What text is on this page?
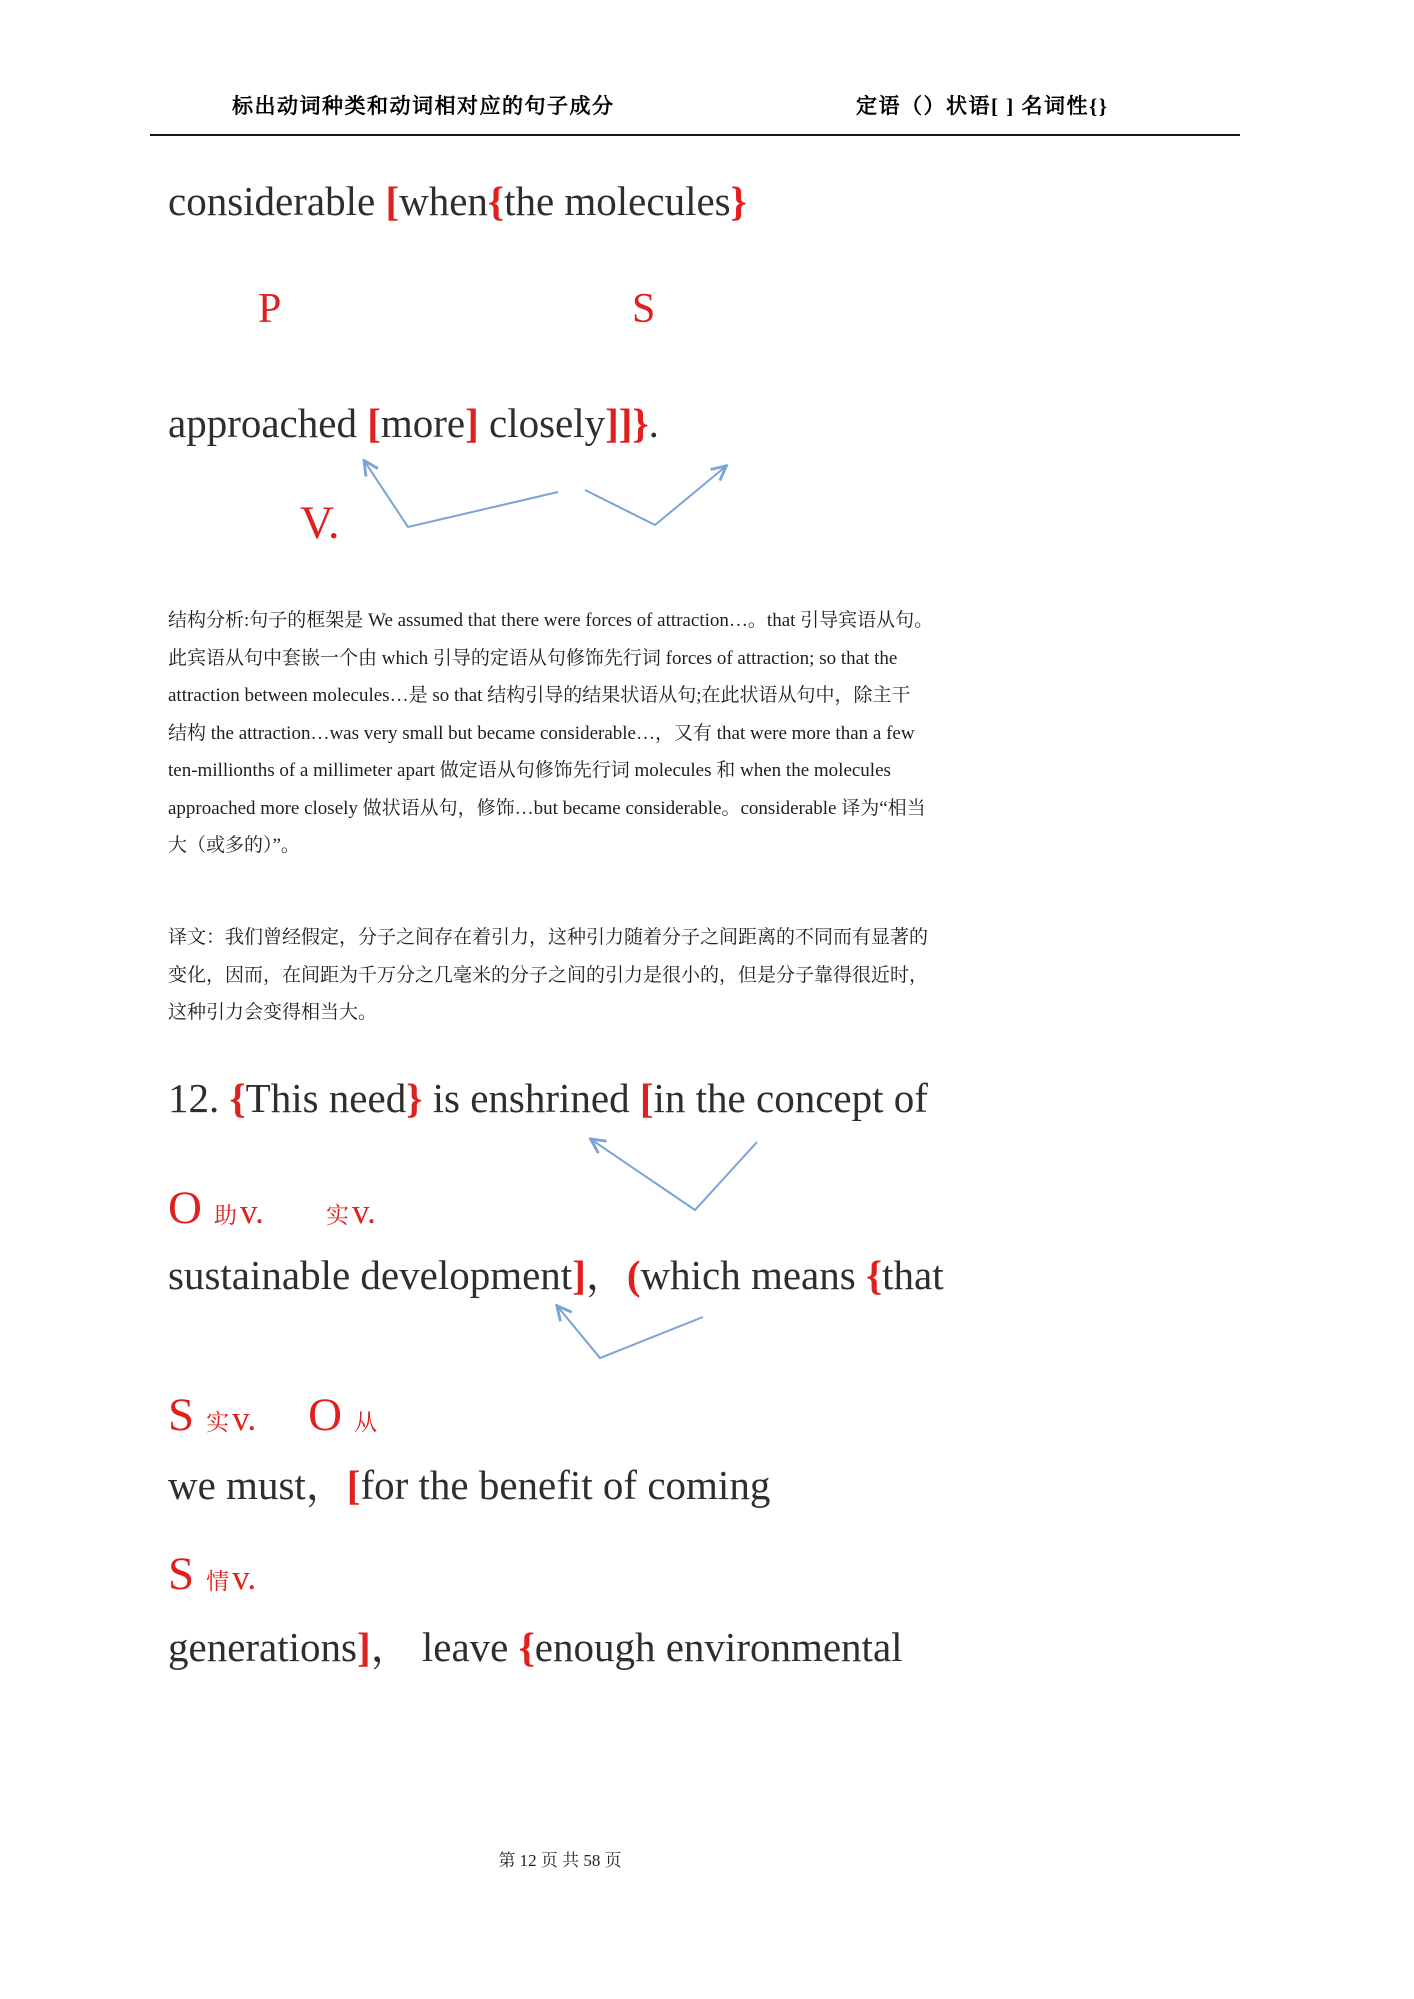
标出动词种类和动词相对应的句子成分	定语（）状语[ ] 名词性{}
considerable [when{the molecules}
P	S
approached [more] closely]]}.
V.
结构分析:句子的框架是 We assumed that there were forces of attraction…。that 引导宾语从句。
此宾语从句中套嵌一个由 which 引导的定语从句修饰先行词 forces of attraction; so that the
attraction between molecules…是 so that 结构引导的结果状语从句;在此状语从句中，除主干
结构 the attraction…was very small but became considerable…，又有 that were more than a few
ten-millionths of a millimeter apart 做定语从句修饰先行词 molecules 和 when the molecules
approached more closely 做状语从句，修饰…but became considerable。considerable 译为“相当
大（或多的）”。
译文：我们曾经假定，分子之间存在着引力，这种引力随着分子之间距离的不同而有显著的
变化，因而，在间距为千万分之几毫米的分子之间的引力是很小的，但是分子靠得很近时，
这种引力会变得相当大。
12. {This need} is enshrined [in the concept of
O 助 v.	实 v.
sustainable development]，(which means {that
S 实 v. O 从
we must，[for the benefit of coming
S 情 v.
generations]， leave {enough environmental
第 12 页 共 58 页
